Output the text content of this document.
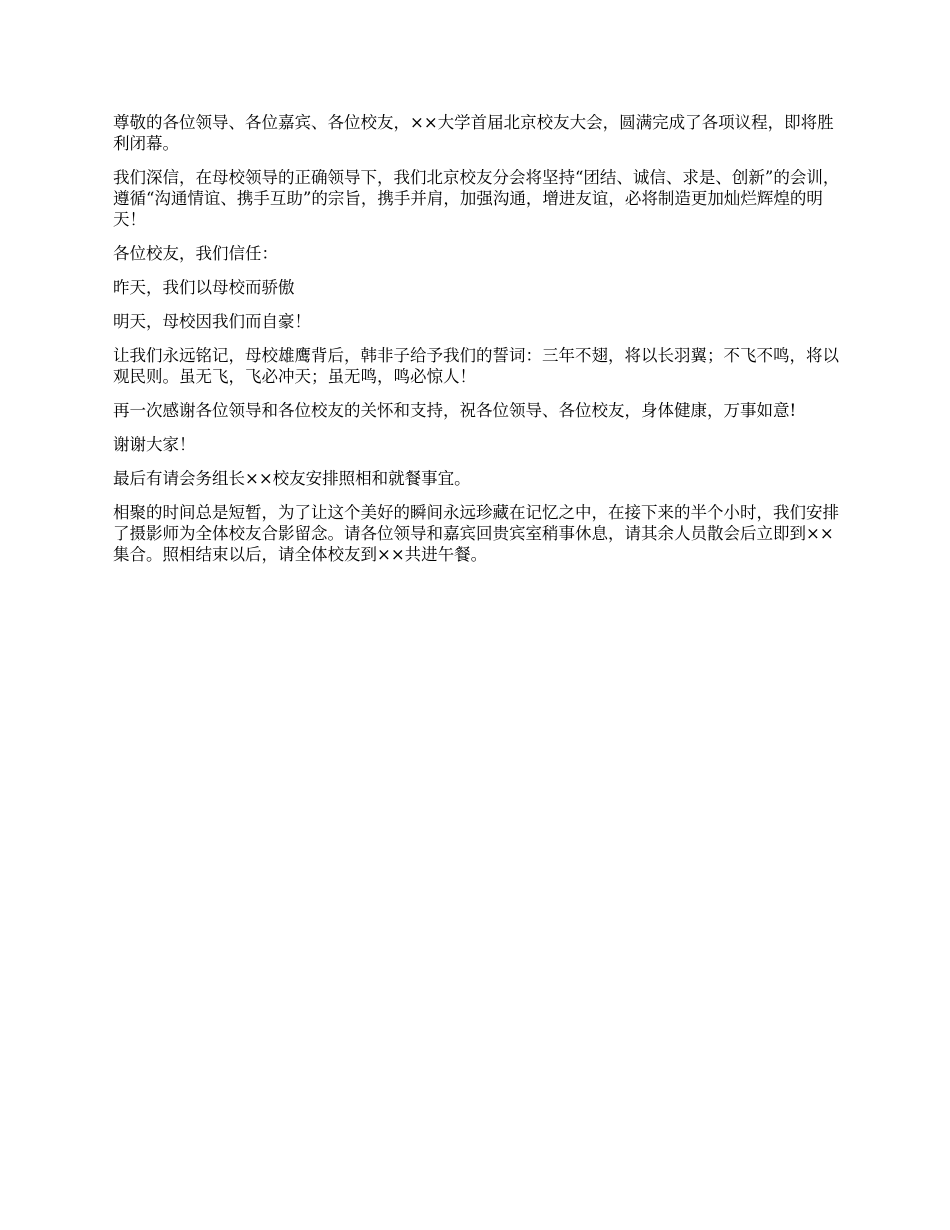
尊敬的各位领导、各位嘉宾、各位校友，××大学首届北京校友大会，圆满完成了各项议程，即将胜利闭幕。

我们深信，在母校领导的正确领导下，我们北京校友分会将坚持“团结、诚信、求是、创新”的会训，遵循“沟通情谊、携手互助”的宗旨，携手并肩，加强沟通，增进友谊，必将制造更加灿烂辉煌的明天！

各位校友，我们信任：

昨天，我们以母校而骄傲

明天，母校因我们而自豪！

让我们永远铭记，母校雄鹰背后，韩非子给予我们的誓词：三年不翅，将以长羽翼；不飞不鸣，将以观民则。虽无飞，飞必冲天；虽无鸣，鸣必惊人！

再一次感谢各位领导和各位校友的关怀和支持，祝各位领导、各位校友，身体健康，万事如意!

谢谢大家！

最后有请会务组长××校友安排照相和就餐事宜。

相聚的时间总是短暂，为了让这个美好的瞬间永远珍藏在记忆之中，在接下来的半个小时，我们安排了摄影师为全体校友合影留念。请各位领导和嘉宾回贵宾室稍事休息，请其余人员散会后立即到××集合。照相结束以后，请全体校友到××共进午餐。
